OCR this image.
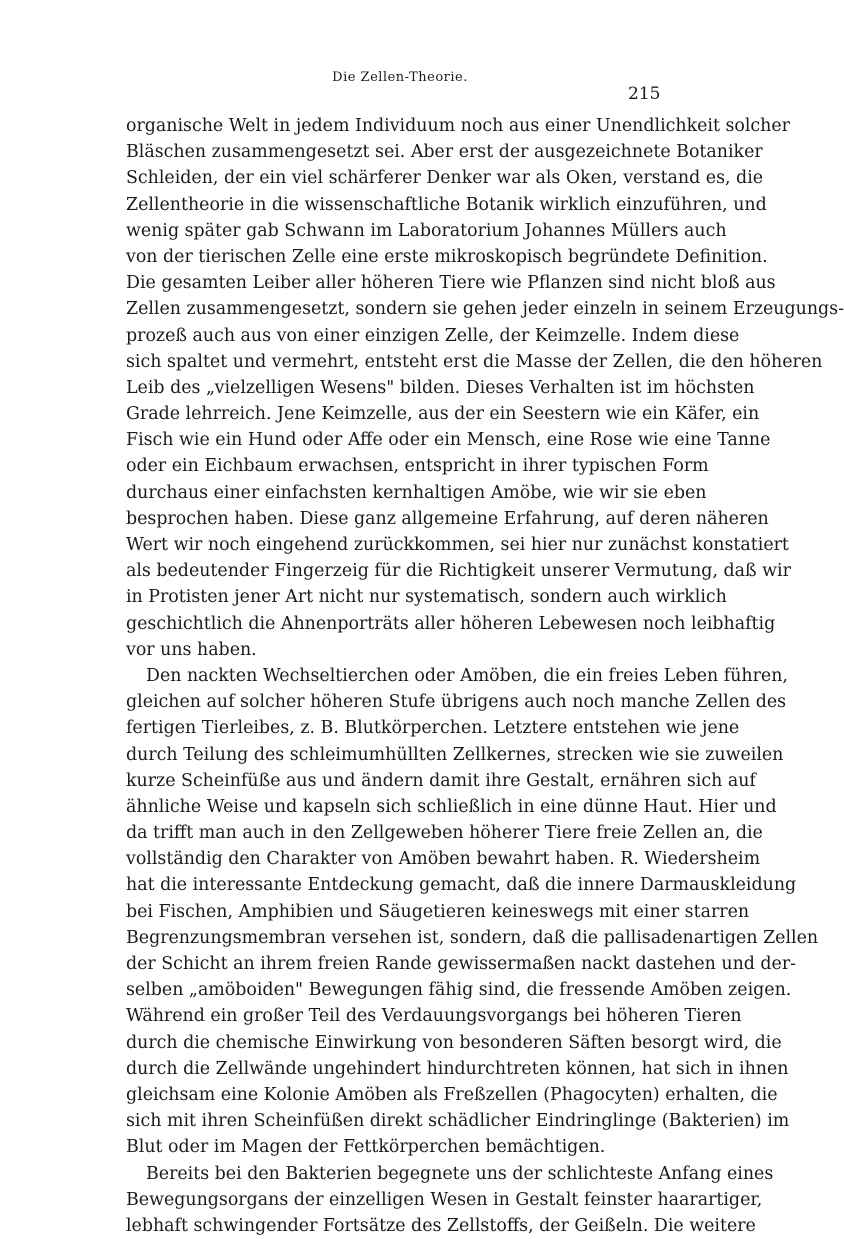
Die Zellen-Theorie.
215
organische Welt in jedem Individuum noch aus einer Unendlichkeit solcher
Bläschen zusammengesetzt sei. Aber erst der ausgezeichnete Botaniker
Schleiden, der ein viel schärferer Denker war als Oken, verstand es, die
Zellentheorie in die wissenschaftliche Botanik wirklich einzuführen, und
wenig später gab Schwann im Laboratorium Johannes Müllers auch
von der tierischen Zelle eine erste mikroskopisch begründete Definition.
Die gesamten Leiber aller höheren Tiere wie Pflanzen sind nicht bloß aus
Zellen zusammengesetzt, sondern sie gehen jeder einzeln in seinem Erzeugungs-
prozeß auch aus von einer einzigen Zelle, der Keimzelle. Indem diese
sich spaltet und vermehrt, entsteht erst die Masse der Zellen, die den höheren
Leib des „vielzelligen Wesens" bilden. Dieses Verhalten ist im höchsten
Grade lehrreich. Jene Keimzelle, aus der ein Seestern wie ein Käfer, ein
Fisch wie ein Hund oder Affe oder ein Mensch, eine Rose wie eine Tanne
oder ein Eichbaum erwachsen, entspricht in ihrer typischen Form
durchaus einer einfachsten kernhaltigen Amöbe, wie wir sie eben
besprochen haben. Diese ganz allgemeine Erfahrung, auf deren näheren
Wert wir noch eingehend zurückkommen, sei hier nur zunächst konstatiert
als bedeutender Fingerzeig für die Richtigkeit unserer Vermutung, daß wir
in Protisten jener Art nicht nur systematisch, sondern auch wirklich
geschichtlich die Ahnenporträts aller höheren Lebewesen noch leibhaftig
vor uns haben.
Den nackten Wechseltierchen oder Amöben, die ein freies Leben führen,
gleichen auf solcher höheren Stufe übrigens auch noch manche Zellen des
fertigen Tierleibes, z. B. Blutkörperchen. Letztere entstehen wie jene
durch Teilung des schleimumhüllten Zellkernes, strecken wie sie zuweilen
kurze Scheinfüße aus und ändern damit ihre Gestalt, ernähren sich auf
ähnliche Weise und kapseln sich schließlich in eine dünne Haut. Hier und
da trifft man auch in den Zellgeweben höherer Tiere freie Zellen an, die
vollständig den Charakter von Amöben bewahrt haben. R. Wiedersheim
hat die interessante Entdeckung gemacht, daß die innere Darmauskleidung
bei Fischen, Amphibien und Säugetieren keineswegs mit einer starren
Begrenzungsmembran versehen ist, sondern, daß die pallisadenartigen Zellen
der Schicht an ihrem freien Rande gewissermaßen nackt dastehen und der-
selben „amöboiden" Bewegungen fähig sind, die fressende Amöben zeigen.
Während ein großer Teil des Verdauungsvorgangs bei höheren Tieren
durch die chemische Einwirkung von besonderen Säften besorgt wird, die
durch die Zellwände ungehindert hindurchtreten können, hat sich in ihnen
gleichsam eine Kolonie Amöben als Freßzellen (Phagocyten) erhalten, die
sich mit ihren Scheinfüßen direkt schädlicher Eindringlinge (Bakterien) im
Blut oder im Magen der Fettkörperchen bemächtigen.
Bereits bei den Bakterien begegnete uns der schlichteste Anfang eines
Bewegungsorgans der einzelligen Wesen in Gestalt feinster haarartiger,
lebhaft schwingender Fortsätze des Zellstoffs, der Geißeln. Die weitere
